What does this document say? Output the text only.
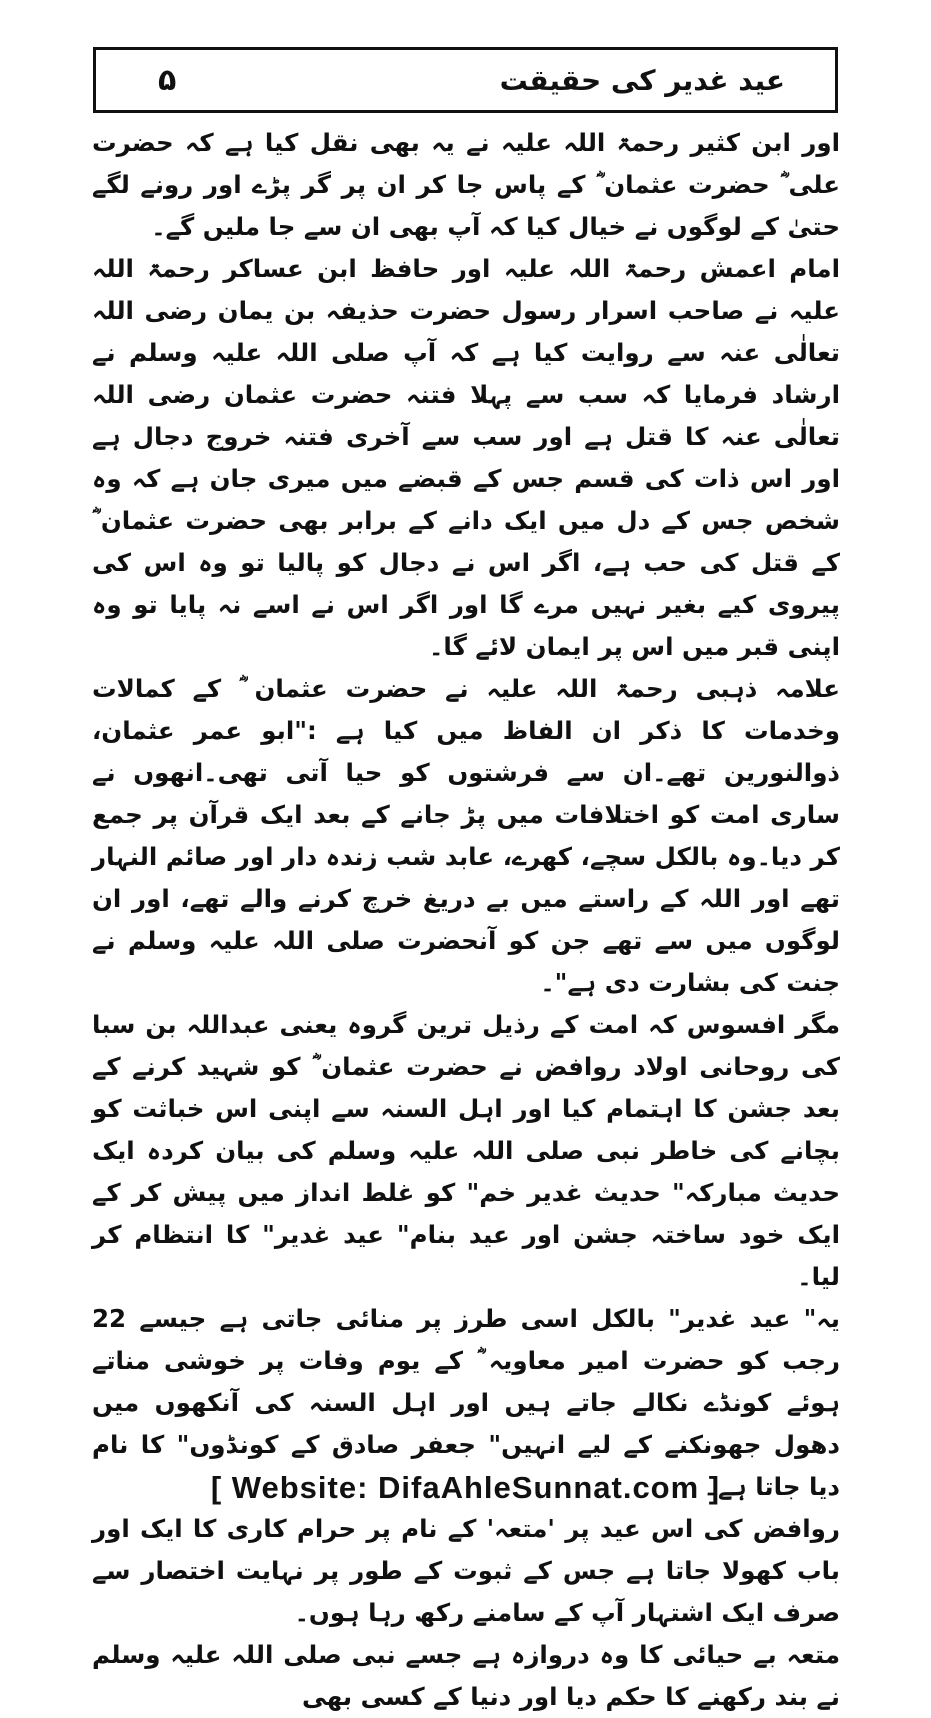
۵	عید غدیر کی حقیقت

اور ابن کثیر رحمۃ اللہ علیہ نے یہ بھی نقل کیا ہے کہ حضرت علی ؓ حضرت عثمان ؓ کے پاس جا کر ان پر گر پڑے اور رونے لگے حتیٰ کے لوگوں نے خیال کیا کہ آپ بھی ان سے جا ملیں گے۔

امام اعمش رحمۃ اللہ علیہ اور حافظ ابن عساکر رحمۃ اللہ علیہ نے صاحب اسرار رسول حضرت حذیفہ بن یمان رضی اللہ تعالٰی عنہ سے روایت کیا ہے کہ آپ صلی اللہ علیہ وسلم نے ارشاد فرمایا کہ سب سے پہلا فتنہ حضرت عثمان رضی اللہ تعالٰی عنہ کا قتل ہے اور سب سے آخری فتنہ خروج دجال ہے اور اس ذات کی قسم جس کے قبضے میں میری جان ہے کہ وہ شخص جس کے دل میں ایک دانے کے برابر بھی حضرت عثمان ؓ کے قتل کی حب ہے، اگر اس نے دجال کو پالیا تو وہ اس کی پیروی کیے بغیر نہیں مرے گا اور اگر اس نے اسے نہ پایا تو وہ اپنی قبر میں اس پر ایمان لائے گا۔

علامہ ذہبی رحمۃ اللہ علیہ نے حضرت عثمان ؓ کے کمالات وخدمات کا ذکر ان الفاظ میں کیا ہے :"ابو عمر عثمان، ذوالنورین تھے۔ان سے فرشتوں کو حیا آتی تھی۔انھوں نے ساری امت کو اختلافات میں پڑ جانے کے بعد ایک قرآن پر جمع کر دیا۔وہ بالکل سچے، کھرے، عابد شب زندہ دار اور صائم النہار تھے اور اللہ کے راستے میں بے دریغ خرچ کرنے والے تھے، اور ان لوگوں میں سے تھے جن کو آنحضرت صلی اللہ علیہ وسلم نے جنت کی بشارت دی ہے"۔

مگر افسوس کہ امت کے رذیل ترین گروہ یعنی عبداللہ بن سبا کی روحانی اولاد روافض نے حضرت عثمان ؓ کو شہید کرنے کے بعد جشن کا اہتمام کیا اور اہل السنہ سے اپنی اس خباثت کو بچانے کی خاطر نبی صلی اللہ علیہ وسلم کی بیان کردہ ایک حدیث مبارکہ" حدیث غدیر خم" کو غلط انداز میں پیش کر کے ایک خود ساختہ جشن اور عید بنام" عید غدیر" کا انتظام کر لیا۔

یہ" عید غدیر" بالکل اسی طرز پر منائی جاتی ہے جیسے 22 رجب کو حضرت امیر معاویہ ؓ کے یوم وفات پر خوشی مناتے ہوئے کونڈے نکالے جاتے ہیں اور اہل السنہ کی آنکھوں میں دھول جھونکنے کے لیے انہیں" جعفر صادق کے کونڈوں" کا نام دیا جاتا ہے۔

روافض کی اس عید پر 'متعہ' کے نام پر حرام کاری کا ایک اور باب کھولا جاتا ہے جس کے ثبوت کے طور پر نہایت اختصار سے صرف ایک اشتہار آپ کے سامنے رکھ رہا ہوں۔

متعہ بے حیائی کا وہ دروازہ ہے جسے نبی صلی اللہ علیہ وسلم نے بند رکھنے کا حکم دیا اور دنیا کے کسی بھی

[ Website: DifaAhleSunnat.com ]
